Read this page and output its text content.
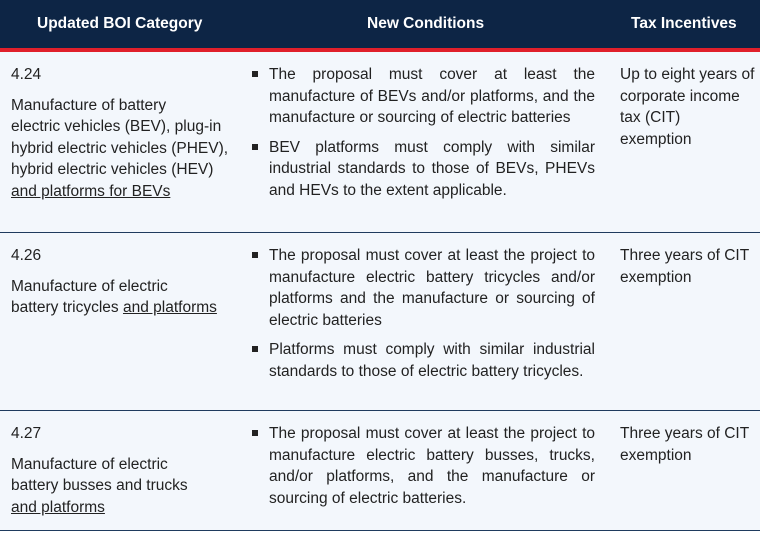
Updated BOI Category	New Conditions	Tax Incentives
4.24
Manufacture of battery
electric vehicles (BEV), plug-in
hybrid electric vehicles (PHEV),
hybrid electric vehicles (HEV)
and platforms for BEVs
The proposal must cover at least the manufacture of BEVs and/or platforms, and the manufacture or sourcing of electric batteries
BEV platforms must comply with similar industrial standards to those of BEVs, PHEVs and HEVs to the extent applicable.
Up to eight years of corporate income tax (CIT) exemption
4.26
Manufacture of electric
battery tricycles and platforms
The proposal must cover at least the project to manufacture electric battery tricycles and/or platforms and the manufacture or sourcing of electric batteries
Platforms must comply with similar industrial standards to those of electric battery tricycles.
Three years of CIT exemption
4.27
Manufacture of electric
battery busses and trucks
and platforms
The proposal must cover at least the project to manufacture electric battery busses, trucks, and/or platforms, and the manufacture or sourcing of electric batteries.
Three years of CIT exemption
